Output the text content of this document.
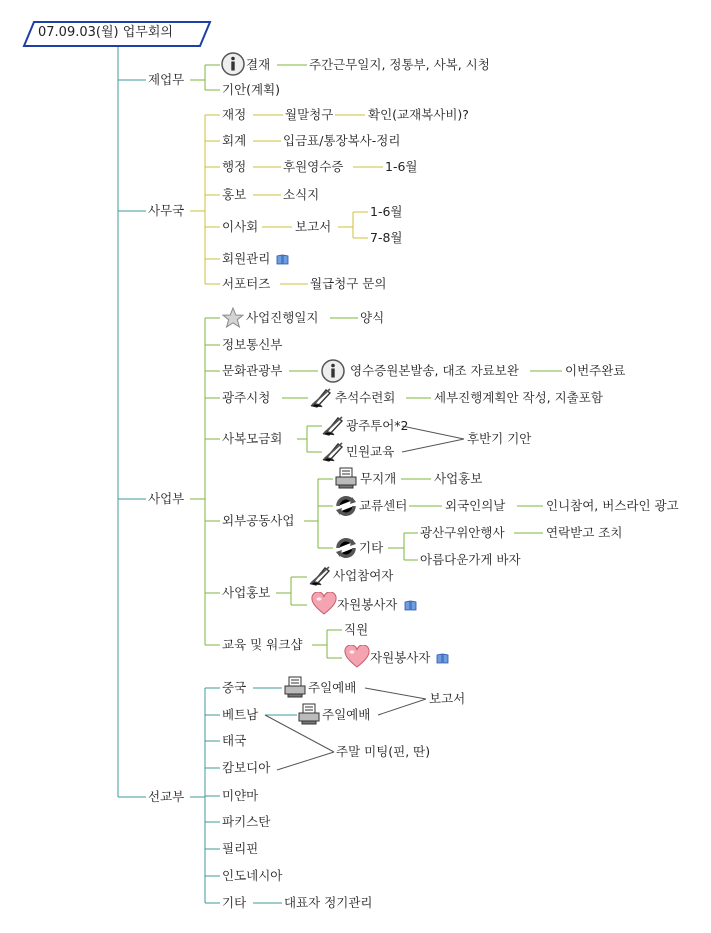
07.09.03(월) 업무회의
제업무
결재	주간근무일지, 정통부, 사복, 시청
기안(계획)
사무국
재정	월말청구	확인(교재복사비)?
회계	입금표/통장복사-정리
행정	후원영수증	1-6월
홍보	소식지
이사회	보고서
1-6월
7-8월
회원관리
서포터즈	월급청구 문의
사업부
사업진행일지	양식
정보통신부
문화관광부	영수증원본발송, 대조 자료보완	이번주완료
광주시청	추석수련회	세부진행계획안 작성, 지출포함
사복모금회
광주투어*2
민원교육
후반기 기안
외부공동사업
무지개	사업홍보
교류센터	외국인의날	인니참여, 버스라인 광고
기타
광산구위안행사
아름다운가게 바자
연락받고 조치
사업홍보
사업참여자
자원봉사자
교육 및 워크샵
직원
자원봉사자
선교부
중국	주일예배
베트남	주일예배
보고서
주말 미팅(핀, 딴)
태국
캄보디아
미얀마
파키스탄
필리핀
인도네시아
기타	대표자 정기관리
